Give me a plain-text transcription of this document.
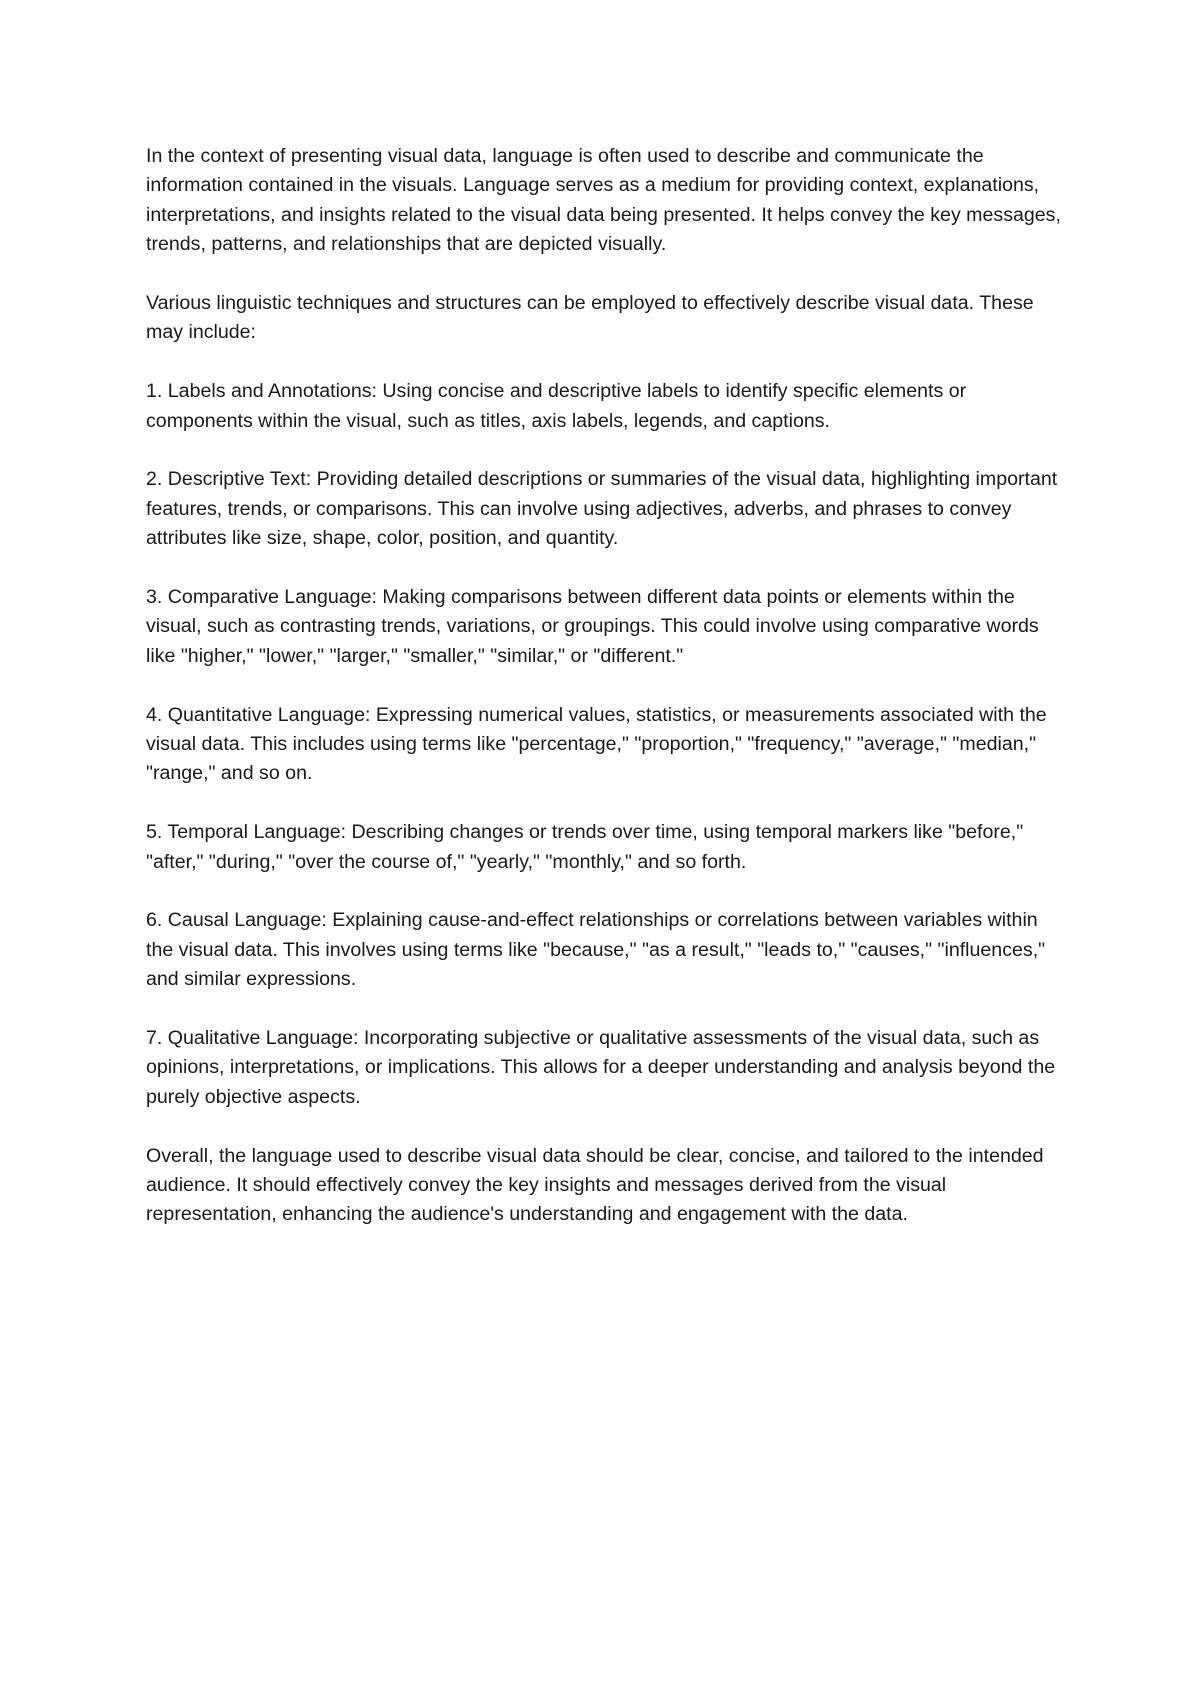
In the context of presenting visual data, language is often used to describe and communicate the information contained in the visuals. Language serves as a medium for providing context, explanations, interpretations, and insights related to the visual data being presented. It helps convey the key messages, trends, patterns, and relationships that are depicted visually.

Various linguistic techniques and structures can be employed to effectively describe visual data. These may include:

1. Labels and Annotations: Using concise and descriptive labels to identify specific elements or components within the visual, such as titles, axis labels, legends, and captions.

2. Descriptive Text: Providing detailed descriptions or summaries of the visual data, highlighting important features, trends, or comparisons. This can involve using adjectives, adverbs, and phrases to convey attributes like size, shape, color, position, and quantity.

3. Comparative Language: Making comparisons between different data points or elements within the visual, such as contrasting trends, variations, or groupings. This could involve using comparative words like "higher," "lower," "larger," "smaller," "similar," or "different."

4. Quantitative Language: Expressing numerical values, statistics, or measurements associated with the visual data. This includes using terms like "percentage," "proportion," "frequency," "average," "median," "range," and so on.

5. Temporal Language: Describing changes or trends over time, using temporal markers like "before," "after," "during," "over the course of," "yearly," "monthly," and so forth.

6. Causal Language: Explaining cause-and-effect relationships or correlations between variables within the visual data. This involves using terms like "because," "as a result," "leads to," "causes," "influences," and similar expressions.

7. Qualitative Language: Incorporating subjective or qualitative assessments of the visual data, such as opinions, interpretations, or implications. This allows for a deeper understanding and analysis beyond the purely objective aspects.

Overall, the language used to describe visual data should be clear, concise, and tailored to the intended audience. It should effectively convey the key insights and messages derived from the visual representation, enhancing the audience's understanding and engagement with the data.
